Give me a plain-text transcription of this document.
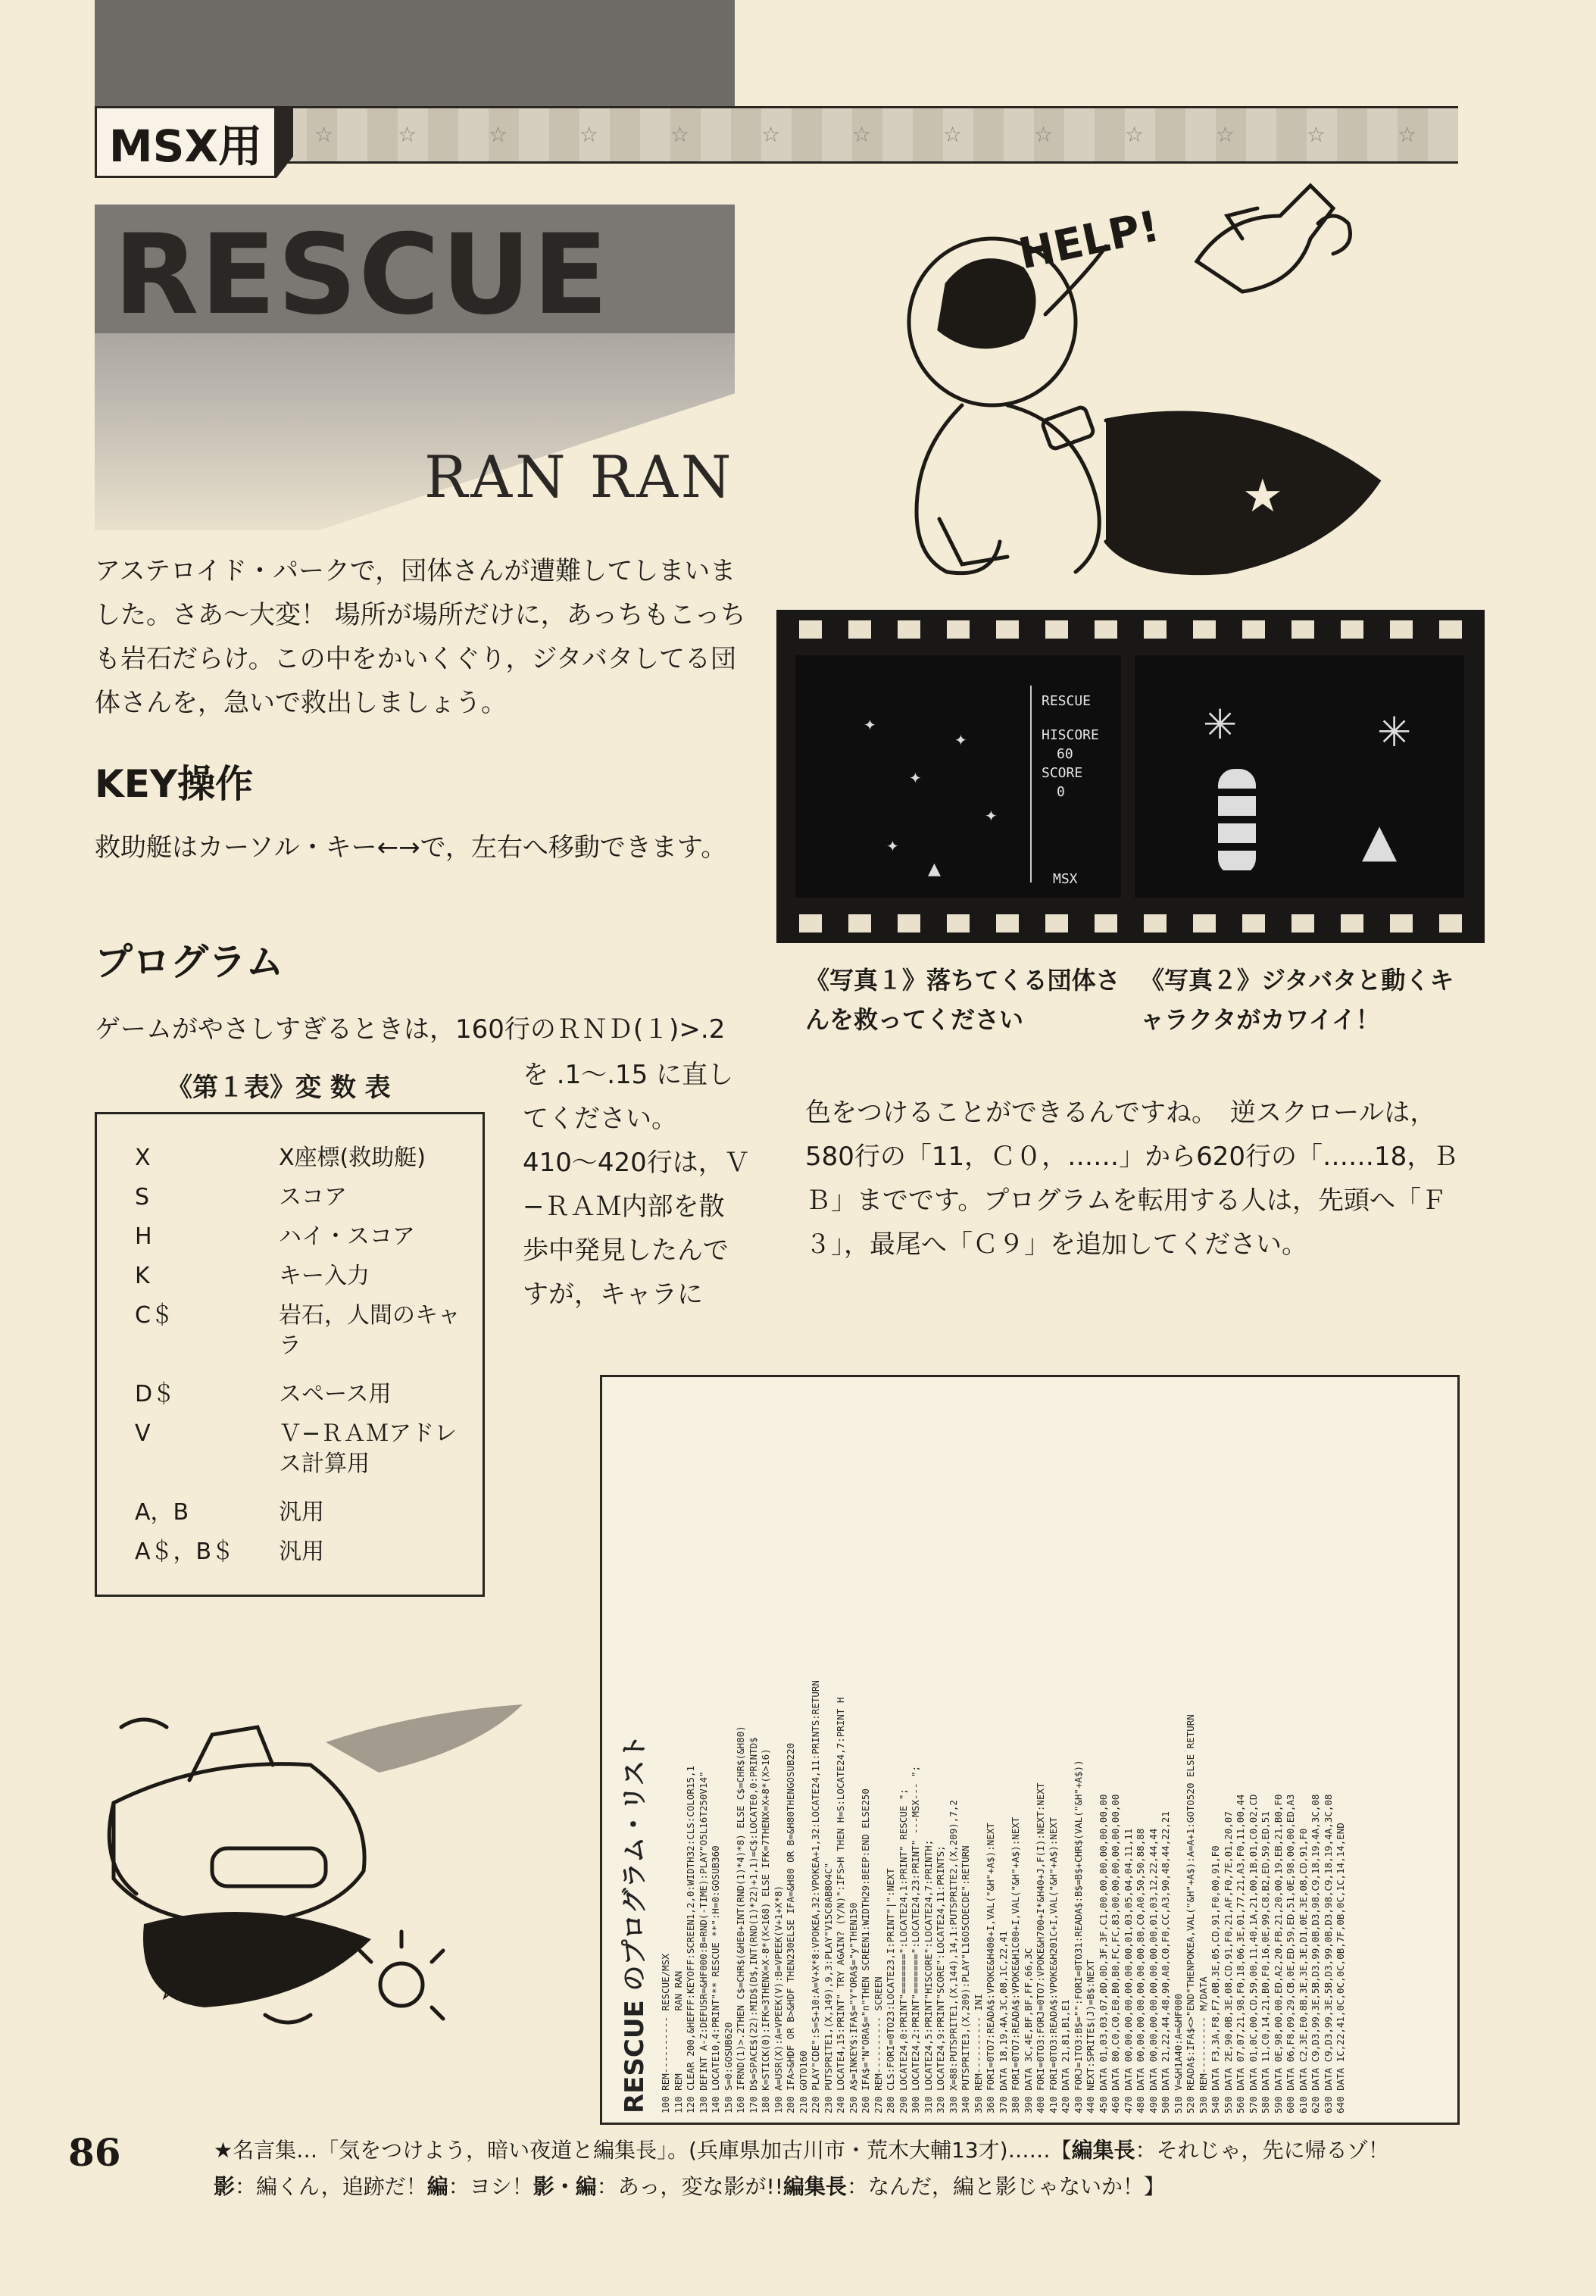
☆	☆	☆	☆	☆	☆	☆	☆	☆	☆	☆	☆	☆
MSX用
RESCUE
RAN RAN	★
☆
HELP!
アステロイド・パークで，団体さんが遭難してしまいました。さあ〜大変！ 場所が場所だけに，あっちもこっちも岩石だらけ。この中をかいくぐり，ジタバタしてる団体さんを，急いで救出しましょう。
KEY操作
救助艇はカーソル・キー←→で，左右へ移動できます。
プログラム
ゲームがやさしすぎるときは，160行のＲＮＤ(１)>.2
《第１表》変 数 表
X	X座標(救助艇)
S	スコア
H	ハイ・スコア
K	キー入力
C＄	岩石，人間のキャラ
D＄	スペース用
V	Ｖ−ＲＡＭアドレス計算用
A，B	汎用
A＄，B＄	汎用
を .1〜.15 に直してください。　410〜420行は，Ｖ−ＲＡＭ内部を散歩中発見したんですが，キャラに
色をつけることができるんですね。　逆スクロールは，580行の「11，Ｃ０，……」から620行の「……18，ＢＢ」までです。プログラムを転用する人は，先頭へ「Ｆ３」，最尾へ「Ｃ９」を追加してください。
✦
✦
✦
✦
✦
▲
RESCUE
HISCORE
60
SCORE
0
MSX
✳	✳
▲
《写真１》落ちてくる団体さんを救ってください
《写真２》ジタバタと動くキャラクタがカワイイ！
☆	RESCUE のプログラム・リスト 100 REM---------- RESCUE/MSX 110 REM           RAN RAN 120 CLEAR 200,&HEFFF:KEYOFF:SCREEN1,2,0:WIDTH32:CLS:COLOR15,1 130 DEFINT A-Z:DEFUSR=&HF000:B=RND(-TIME):PLAY"O5L16T250V14" 140 LOCATE10,4:PRINT"** RESCUE **":H=0:GOSUB360 150 S=0:GOSUB620 160 IFRND(1)>.2THEN C$=CHR$(&HE0+INT(RND(1)*4)*8) ELSE C$=CHR$(&H80) 170 D$=SPACE$(22):MID$(D$,INT(RND(1)*22)+1,1)=C$:LOCATE0,0:PRINTD$ 180 K=STICK(0):IFK=3THENX=X-8*(X<168) ELSE IFK=7THENX=X+8*(X>16) 190 A=USR(X):A=VPEEK(V):B=VPEEK(V+1+X*8) 200 IFA>&HDF OR B>&HDF THEN230ELSE IFA=&H80 OR B=&H80THENGOSUB220 210 GOTO160 220 PLAY"CDE":S=S+10:A=V+X*8:VPOKEA,32:VPOKEA+1,32:LOCATE24,11:PRINTS:RETURN 230 PUTSPRITE1,(X,149),9,3:PLAY"V15C8AB8O4C" 240 LOCATE4,15:PRINT" TRY AGAIN? (Y/N)":IFS>H THEN H=S:LOCATE24,7:PRINT H 250 A$=INKEY$:IFA$="Y"ORA$="y"THEN150 260 IFA$="N"ORA$="n"THEN SCREEN1:WIDTH29:BEEP:END ELSE250 270 REM---------- SCREEN 280 CLS:FORI=0TO23:LOCATE23,I:PRINT"|":NEXT 290 LOCATE24,0:PRINT"=======":LOCATE24,1:PRINT" RESCUE "; 300 LOCATE24,2:PRINT"=======":LOCATE24,23:PRINT" ---MSX--- "; 310 LOCATE24,5:PRINT"HISCORE":LOCATE24,7:PRINTH; 320 LOCATE24,9:PRINT"SCORE":LOCATE24,11:PRINTS; 330 X=88:PUTSPRITE1,(X,144),14,1:PUTSPRITE2,(X,209),7,2 340 PUTSPRITE3,(X,209):PLAY"L16O5CDECDE":RETURN 350 REM---------- INI 360 FORI=0TO7:READA$:VPOKE&H400+I,VAL("&H"+A$):NEXT 370 DATA 18,19,4A,3C,08,1C,22,41 380 FORI=0TO7:READA$:VPOKE&H1C00+I,VAL("&H"+A$):NEXT 390 DATA 3C,4E,BF,BF,FF,66,3C 400 FORI=0TO3:FORJ=0TO7:VPOKE&H700+I*&H40+J,F(I):NEXT:NEXT 410 FORI=0TO3:READA$:VPOKE&H201C+I,VAL("&H"+A$):NEXT 420 DATA 21,81,B1,E1 430 FORJ=1TO3:B$="":FORI=0TO31:READA$:B$=B$+CHR$(VAL("&H"+A$)) 440 NEXT:SPRITE$(J)=B$:NEXT 450 DATA 01,03,03,07,0D,0D,3F,3F,C1,00,00,00,00,00,00,00 460 DATA 80,C0,C0,E0,B0,B0,FC,FC,83,00,00,00,00,00,00,00 470 DATA 00,00,00,00,00,00,00,01,03,05,04,04,11,11 480 DATA 00,00,00,00,00,00,00,80,C0,A0,50,50,88,88 490 DATA 00,00,00,00,00,00,00,00,01,03,12,22,44,44 500 DATA 21,22,44,48,90,A0,C0,F0,CC,A3,90,48,44,22,21 510 V=&H1A40:A=&HF000 520 READA$:IFA$<>"END"THENPOKEA,VAL("&H"+A$):A=A+1:GOTO520 ELSE RETURN 530 REM---------- M/DATA 540 DATA F3,3A,F8,F7,0B,3E,05,CD,91,F0,00,91,F0 550 DATA 2E,90,0B,3E,08,CD,91,F0,21,AF,F0,7E,01,20,07 560 DATA 07,07,21,98,F0,18,06,3E,01,77,21,A3,F0,11,00,44 570 DATA 01,0C,00,CD,59,00,11,40,1A,21,00,1B,01,C0,02,CD 580 DATA 11,C0,14,21,B0,F0,16,0E,99,C8,B2,ED,59,ED,51 590 DATA 0E,98,00,00,ED,A2,20,FB,21,20,00,19,EB,21,B0,F0 600 DATA 06,F8,09,29,CB,0E,ED,59,ED,51,0E,98,00,00,ED,A3 610 DATA C2,3E,E0,8B,3E,3E,3E,D1,0E,3E,08,CD,91,F0 620 DATA C9,D3,99,3E,5B,D3,99,0B,D3,98,C9,18,19,4A,3C,08 630 DATA C9,D3,99,3E,5B,D3,99,0B,D3,98,C9,18,19,4A,3C,08 640 DATA 1C,22,41,0C,0C,0C,0B,7F,0B,0C,1C,14,14,END
86	★名言集…「気をつけよう，暗い夜道と編集長」。(兵庫県加古川市・荒木大輔13才)……【編集長：それじゃ，先に帰るゾ！
影：編くん，追跡だ！編：ヨシ！影・編：あっ，変な影が!!編集長：なんだ，編と影じゃないか！】
